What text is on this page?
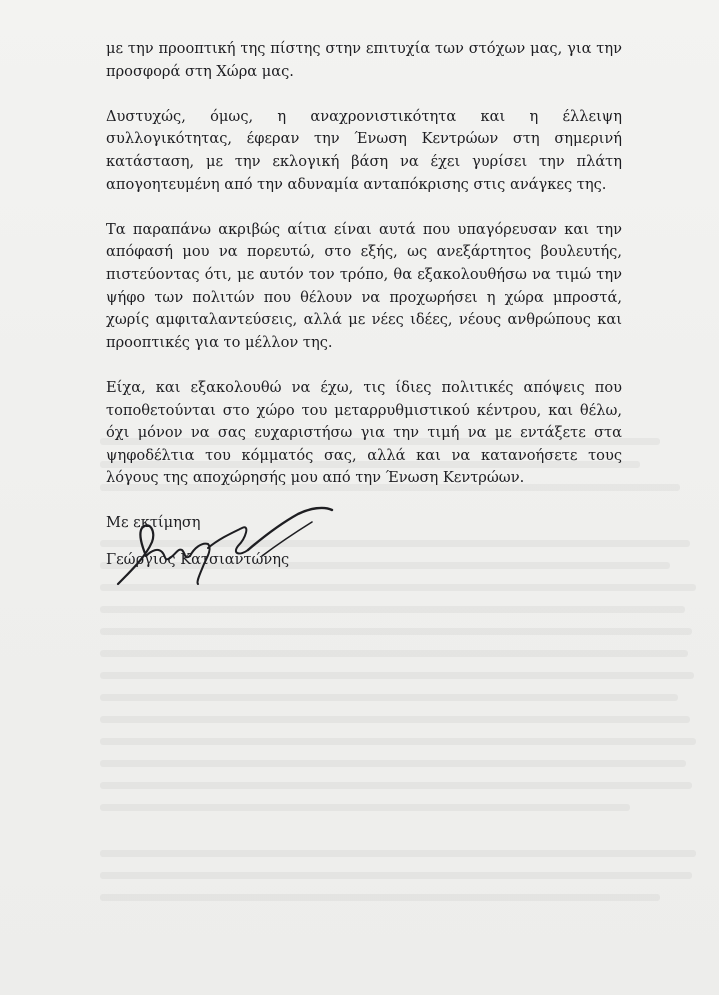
με την προοπτική της πίστης στην επιτυχία των στόχων μας, για την προσφορά στη Χώρα μας.

Δυστυχώς, όμως, η αναχρονιστικότητα και η έλλειψη συλλογικότητας, έφεραν την Ένωση Κεντρώων στη σημερινή κατάσταση, με την εκλογική βάση να έχει γυρίσει την πλάτη απογοητευμένη από την αδυναμία ανταπόκρισης στις ανάγκες της.

Τα παραπάνω ακριβώς αίτια είναι αυτά που υπαγόρευσαν και την απόφασή μου να πορευτώ, στο εξής, ως ανεξάρτητος βουλευτής, πιστεύοντας ότι, με αυτόν τον τρόπο, θα εξακολουθήσω να τιμώ την ψήφο των πολιτών που θέλουν να προχωρήσει η χώρα μπροστά, χωρίς αμφιταλαντεύσεις, αλλά με νέες ιδέες, νέους ανθρώπους και προοπτικές για το μέλλον της.

Είχα, και εξακολουθώ να έχω, τις ίδιες πολιτικές απόψεις που τοποθετούνται στο χώρο του μεταρρυθμιστικού κέντρου, και θέλω, όχι μόνον να σας ευχαριστήσω για την τιμή να με εντάξετε στα ψηφοδέλτια του κόμματός σας, αλλά και να κατανοήσετε τους λόγους της αποχώρησής μου από την Ένωση Κεντρώων.

Με εκτίμηση

Γεώργιος Κατσιαντώνης
